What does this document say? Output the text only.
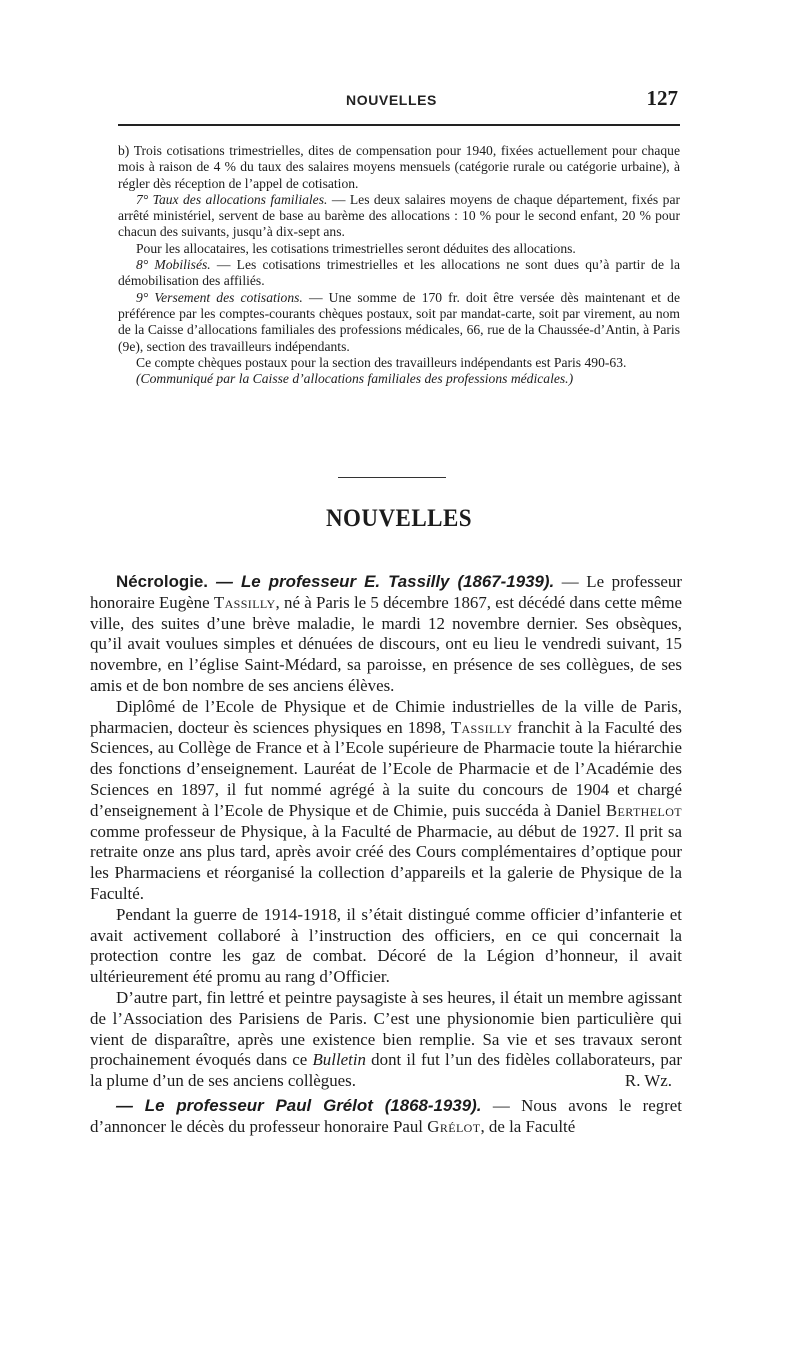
NOUVELLES	127

b) Trois cotisations trimestrielles, dites de compensation pour 1940, fixées actuellement pour chaque mois à raison de 4 % du taux des salaires moyens mensuels (catégorie rurale ou catégorie urbaine), à régler dès réception de l’appel de cotisation.

7° Taux des allocations familiales. — Les deux salaires moyens de chaque département, fixés par arrêté ministériel, servent de base au barème des allocations : 10 % pour le second enfant, 20 % pour chacun des suivants, jusqu’à dix-sept ans.

Pour les allocataires, les cotisations trimestrielles seront déduites des allocations.

8° Mobilisés. — Les cotisations trimestrielles et les allocations ne sont dues qu’à partir de la démobilisation des affiliés.

9° Versement des cotisations. — Une somme de 170 fr. doit être versée dès maintenant et de préférence par les comptes-courants chèques postaux, soit par mandat-carte, soit par virement, au nom de la Caisse d’allocations familiales des professions médicales, 66, rue de la Chaussée-d’Antin, à Paris (9e), section des travailleurs indépendants.

Ce compte chèques postaux pour la section des travailleurs indépendants est Paris 490-63.

(Communiqué par la Caisse d’allocations familiales des professions médicales.)

NOUVELLES

Nécrologie. — Le professeur E. Tassilly (1867-1939). — Le professeur honoraire Eugène Tassilly, né à Paris le 5 décembre 1867, est décédé dans cette même ville, des suites d’une brève maladie, le mardi 12 novembre dernier. Ses obsèques, qu’il avait voulues simples et dénuées de discours, ont eu lieu le vendredi suivant, 15 novembre, en l’église Saint-Médard, sa paroisse, en présence de ses collègues, de ses amis et de bon nombre de ses anciens élèves.

Diplômé de l’Ecole de Physique et de Chimie industrielles de la ville de Paris, pharmacien, docteur ès sciences physiques en 1898, Tassilly franchit à la Faculté des Sciences, au Collège de France et à l’Ecole supérieure de Pharmacie toute la hiérarchie des fonctions d’enseignement. Lauréat de l’Ecole de Pharmacie et de l’Académie des Sciences en 1897, il fut nommé agrégé à la suite du concours de 1904 et chargé d’enseignement à l’Ecole de Physique et de Chimie, puis succéda à Daniel Berthelot comme professeur de Physique, à la Faculté de Pharmacie, au début de 1927. Il prit sa retraite onze ans plus tard, après avoir créé des Cours complémentaires d’optique pour les Pharmaciens et réorganisé la collection d’appareils et la galerie de Physique de la Faculté.

Pendant la guerre de 1914-1918, il s’était distingué comme officier d’infanterie et avait activement collaboré à l’instruction des officiers, en ce qui concernait la protection contre les gaz de combat. Décoré de la Légion d’honneur, il avait ultérieurement été promu au rang d’Officier.

D’autre part, fin lettré et peintre paysagiste à ses heures, il était un membre agissant de l’Association des Parisiens de Paris. C’est une physionomie bien particulière qui vient de disparaître, après une existence bien remplie. Sa vie et ses travaux seront prochainement évoqués dans ce Bulletin dont il fut l’un des fidèles collaborateurs, par la plume d’un de ses anciens collègues.	R. Wz.

— Le professeur Paul Grélot (1868-1939). — Nous avons le regret d’annoncer le décès du professeur honoraire Paul Grélot, de la Faculté
